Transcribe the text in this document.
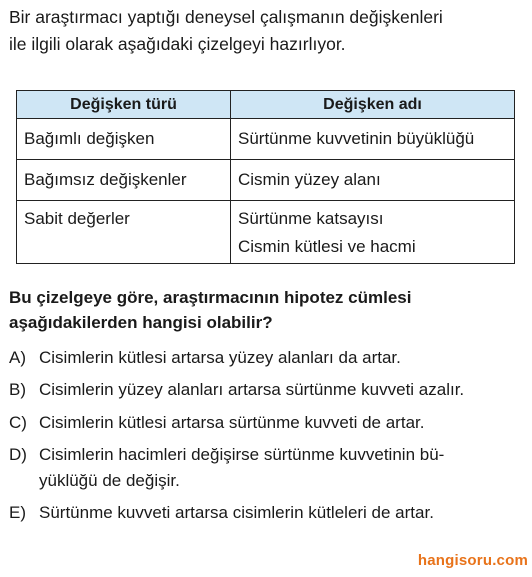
Bir araştırmacı yaptığı deneysel çalışmanın değişkenleri
ile ilgili olarak aşağıdaki çizelgeyi hazırlıyor.
Değişken türü	Değişken adı
Bağımlı değişken	Sürtünme kuvvetinin büyüklüğü
Bağımsız değişkenler	Cismin yüzey alanı
Sabit değerler	Sürtünme katsayısı
Cismin kütlesi ve hacmi

Bu çizelgeye göre, araştırmacının hipotez cümlesi
aşağıdakilerden hangisi olabilir?

A) Cisimlerin kütlesi artarsa yüzey alanları da artar.
B) Cisimlerin yüzey alanları artarsa sürtünme kuvveti azalır.
C) Cisimlerin kütlesi artarsa sürtünme kuvveti de artar.
D) Cisimlerin hacimleri değişirse sürtünme kuvvetinin bü-
yüklüğü de değişir.
E) Sürtünme kuvveti artarsa cisimlerin kütleleri de artar.
hangisoru.com
